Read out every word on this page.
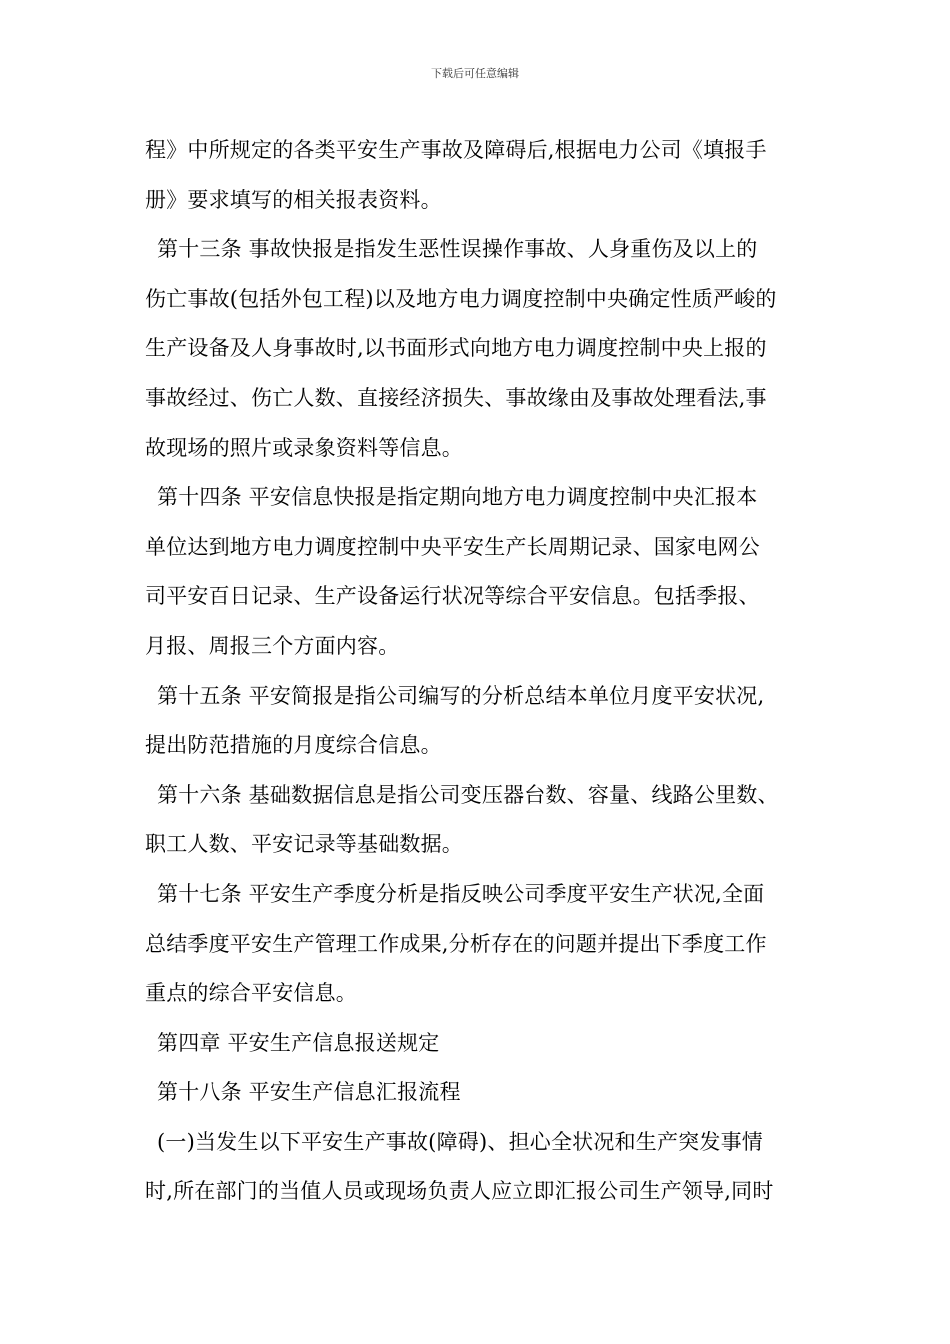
下载后可任意编辑
程》中所规定的各类平安生产事故及障碍后,根据电力公司《填报手
册》要求填写的相关报表资料。
第十三条 事故快报是指发生恶性误操作事故、人身重伤及以上的
伤亡事故(包括外包工程)以及地方电力调度控制中央确定性质严峻的
生产设备及人身事故时,以书面形式向地方电力调度控制中央上报的
事故经过、伤亡人数、直接经济损失、事故缘由及事故处理看法,事
故现场的照片或录象资料等信息。
第十四条 平安信息快报是指定期向地方电力调度控制中央汇报本
单位达到地方电力调度控制中央平安生产长周期记录、国家电网公
司平安百日记录、生产设备运行状况等综合平安信息。包括季报、
月报、周报三个方面内容。
第十五条 平安简报是指公司编写的分析总结本单位月度平安状况,
提出防范措施的月度综合信息。
第十六条 基础数据信息是指公司变压器台数、容量、线路公里数、
职工人数、平安记录等基础数据。
第十七条 平安生产季度分析是指反映公司季度平安生产状况,全面
总结季度平安生产管理工作成果,分析存在的问题并提出下季度工作
重点的综合平安信息。
第四章 平安生产信息报送规定
第十八条 平安生产信息汇报流程
(一)当发生以下平安生产事故(障碍)、担心全状况和生产突发事情
时,所在部门的当值人员或现场负责人应立即汇报公司生产领导,同时
